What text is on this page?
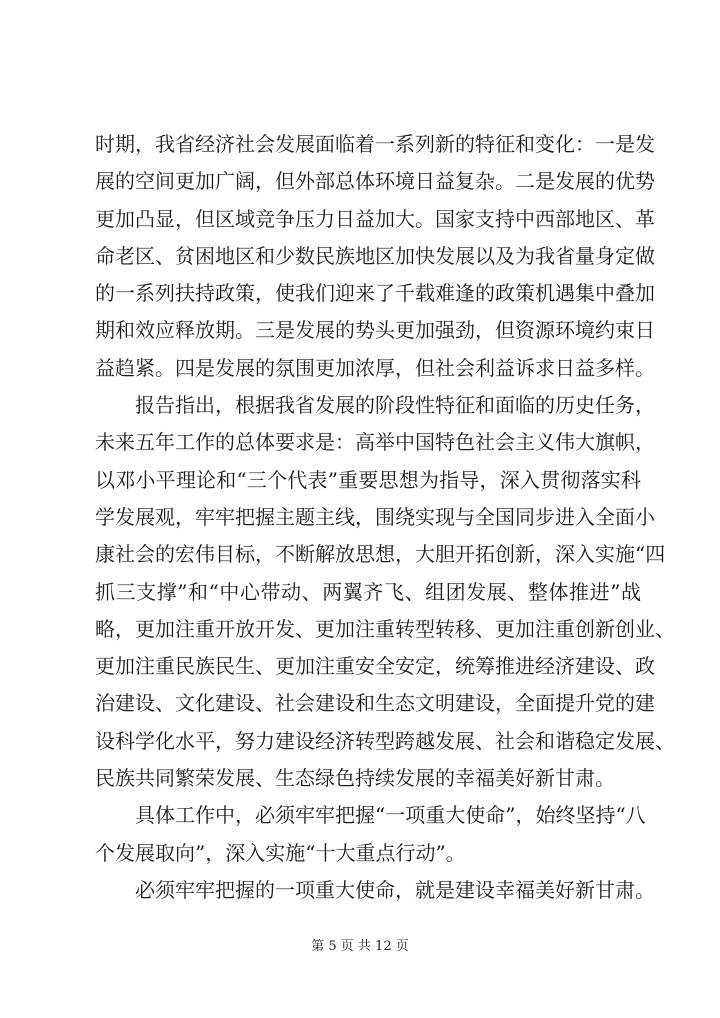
时期，我省经济社会发展面临着一系列新的特征和变化：一是发
展的空间更加广阔，但外部总体环境日益复杂。二是发展的优势
更加凸显，但区域竞争压力日益加大。国家支持中西部地区、革
命老区、贫困地区和少数民族地区加快发展以及为我省量身定做
的一系列扶持政策，使我们迎来了千载难逢的政策机遇集中叠加
期和效应释放期。三是发展的势头更加强劲，但资源环境约束日
益趋紧。四是发展的氛围更加浓厚，但社会利益诉求日益多样。
　　报告指出，根据我省发展的阶段性特征和面临的历史任务，
未来五年工作的总体要求是：高举中国特色社会主义伟大旗帜，
以邓小平理论和“三个代表”重要思想为指导，深入贯彻落实科
学发展观，牢牢把握主题主线，围绕实现与全国同步进入全面小
康社会的宏伟目标，不断解放思想，大胆开拓创新，深入实施“四
抓三支撑”和“中心带动、两翼齐飞、组团发展、整体推进”战
略，更加注重开放开发、更加注重转型转移、更加注重创新创业、
更加注重民族民生、更加注重安全安定，统筹推进经济建设、政
治建设、文化建设、社会建设和生态文明建设，全面提升党的建
设科学化水平，努力建设经济转型跨越发展、社会和谐稳定发展、
民族共同繁荣发展、生态绿色持续发展的幸福美好新甘肃。
　　具体工作中，必须牢牢把握“一项重大使命”，始终坚持“八
个发展取向”，深入实施“十大重点行动”。
　　必须牢牢把握的一项重大使命，就是建设幸福美好新甘肃。
第 5 页 共 12 页
